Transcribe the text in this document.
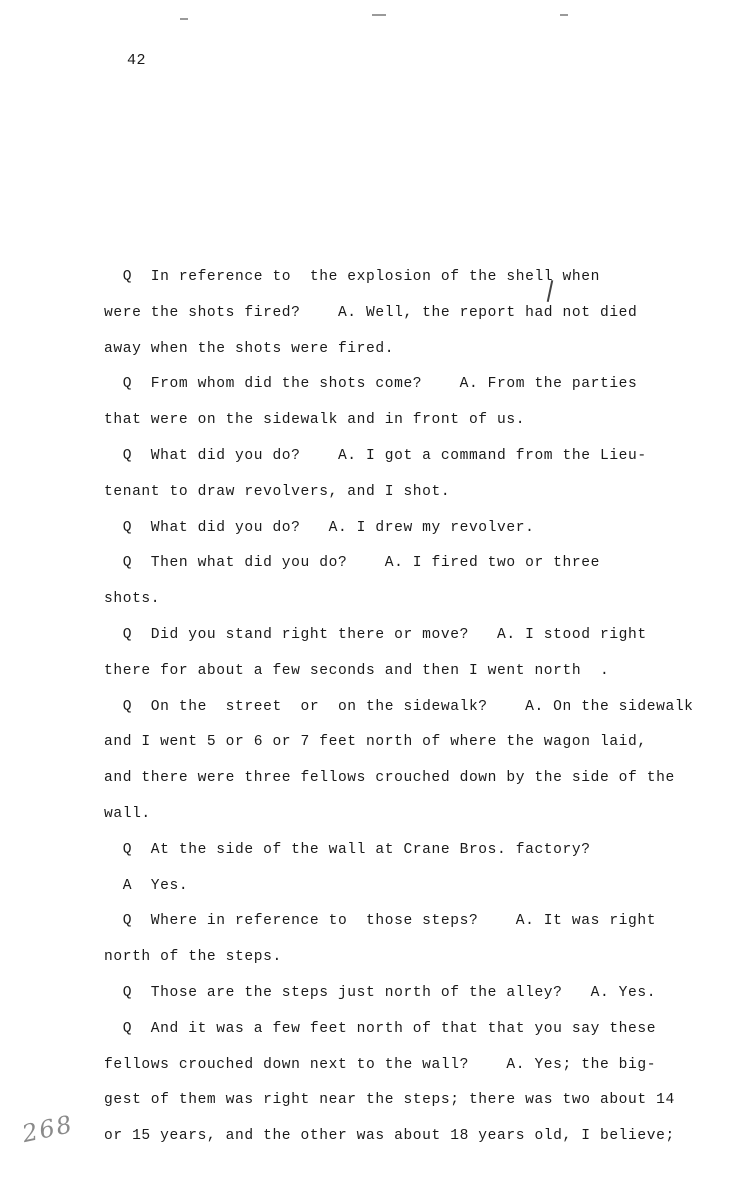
42
Q  In reference to  the explosion of the shell when
were the shots fired?    A. Well, the report had not died
away when the shots were fired.
Q  From whom did the shots come?    A. From the parties
that were on the sidewalk and in front of us.
Q  What did you do?    A. I got a command from the Lieu-
tenant to draw revolvers, and I shot.
Q  What did you do?   A. I drew my revolver.
Q  Then what did you do?    A. I fired two or three
shots.
Q  Did you stand right there or move?   A. I stood right
there for about a few seconds and then I went north  .
Q  On the  street  or  on the sidewalk?    A. On the sidewalk
and I went 5 or 6 or 7 feet north of where the wagon laid,
and there were three fellows crouched down by the side of the
wall.
Q  At the side of the wall at Crane Bros. factory?
A  Yes.
Q  Where in reference to  those steps?    A. It was right
north of the steps.
Q  Those are the steps just north of the alley?   A. Yes.
Q  And it was a few feet north of that that you say these
fellows crouched down next to the wall?    A. Yes; the big-
gest of them was right near the steps; there was two about 14
or 15 years, and the other was about 18 years old, I believe;
268
